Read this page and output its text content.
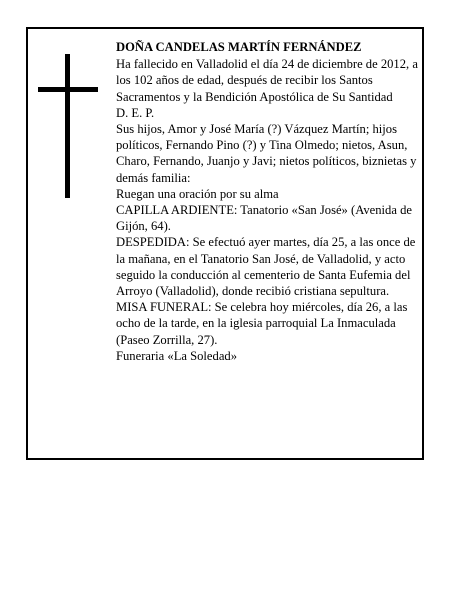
DOÑA CANDELAS MARTÍN FERNÁNDEZ

Ha fallecido en Valladolid el día 24 de diciembre de 2012, a los 102 años de edad, después de recibir los Santos Sacramentos y la Bendición Apostólica de Su Santidad

D. E. P.

Sus hijos, Amor y José María (?) Vázquez Martín; hijos políticos, Fernando Pino (?) y Tina Olmedo; nietos, Asun, Charo, Fernando, Juanjo y Javi; nietos políticos, biznietas y demás familia:

Ruegan una oración por su alma

CAPILLA ARDIENTE: Tanatorio «San José» (Avenida de Gijón, 64).

DESPEDIDA: Se efectuó ayer martes, día 25, a las once de la mañana, en el Tanatorio San José, de Valladolid, y acto seguido la conducción al cementerio de Santa Eufemia del Arroyo (Valladolid), donde recibió cristiana sepultura.

MISA FUNERAL: Se celebra hoy miércoles, día 26, a las ocho de la tarde, en la iglesia parroquial La Inmaculada (Paseo Zorrilla, 27).

Funeraria «La Soledad»
